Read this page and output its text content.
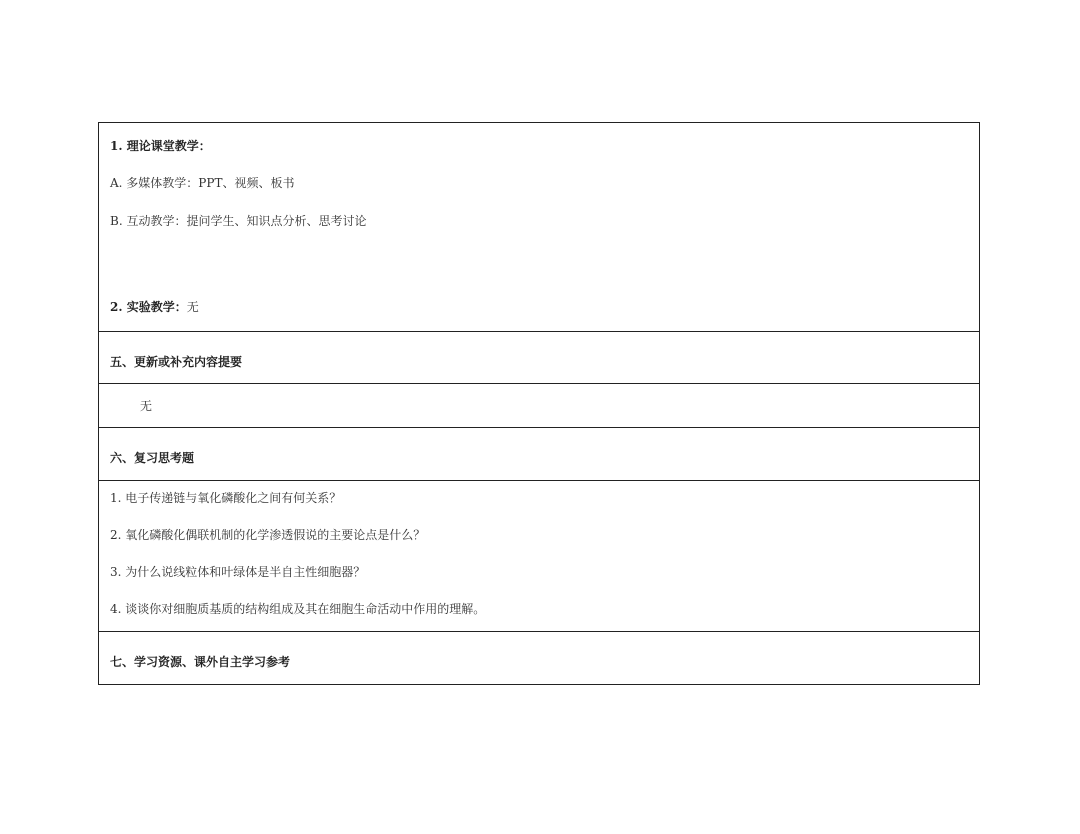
1. 理论课堂教学：
A. 多媒体教学：PPT、视频、板书
B. 互动教学：提问学生、知识点分析、思考讨论
2. 实验教学：无
五、更新或补充内容提要
无
六、复习思考题
1. 电子传递链与氧化磷酸化之间有何关系？
2. 氧化磷酸化偶联机制的化学渗透假说的主要论点是什么？
3. 为什么说线粒体和叶绿体是半自主性细胞器？
4. 谈谈你对细胞质基质的结构组成及其在细胞生命活动中作用的理解。
七、学习资源、课外自主学习参考
